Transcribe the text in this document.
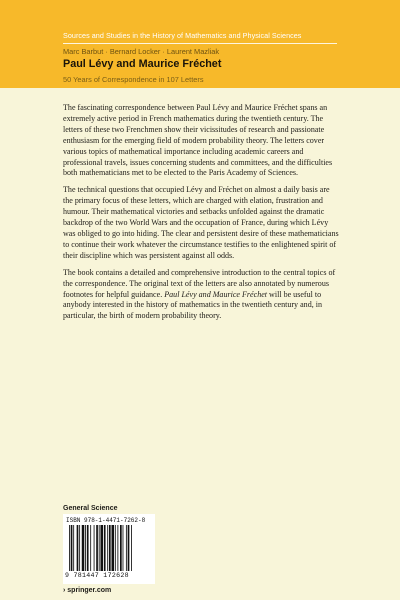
Sources and Studies in the History of Mathematics and Physical Sciences
Marc Barbut · Bernard Locker · Laurent Mazliak
Paul Lévy and Maurice Fréchet
50 Years of Correspondence in 107 Letters

The fascinating correspondence between Paul Lévy and Maurice Fréchet spans an extremely active period in French mathematics during the twentieth century. The letters of these two Frenchmen show their vicissitudes of research and passionate enthusiasm for the emerging field of modern probability theory. The letters cover various topics of mathematical importance including academic careers and professional travels, issues concerning students and committees, and the difficulties both mathematicians met to be elected to the Paris Academy of Sciences.

The technical questions that occupied Lévy and Fréchet on almost a daily basis are the primary focus of these letters, which are charged with elation, frustration and humour. Their mathematical victories and setbacks unfolded against the dramatic backdrop of the two World Wars and the occupation of France, during which Lévy was obliged to go into hiding. The clear and persistent desire of these mathematicians to continue their work whatever the circumstance testifies to the enlightened spirit of their discipline which was persistent against all odds.

The book contains a detailed and comprehensive introduction to the central topics of the correspondence. The original text of the letters are also annotated by numerous footnotes for helpful guidance. Paul Lévy and Maurice Fréchet will be useful to anybody interested in the history of mathematics in the twentieth century and, in particular, the birth of modern probability theory.

General Science
ISBN 978-1-4471-7262-8
9 781447 172628
› springer.com
